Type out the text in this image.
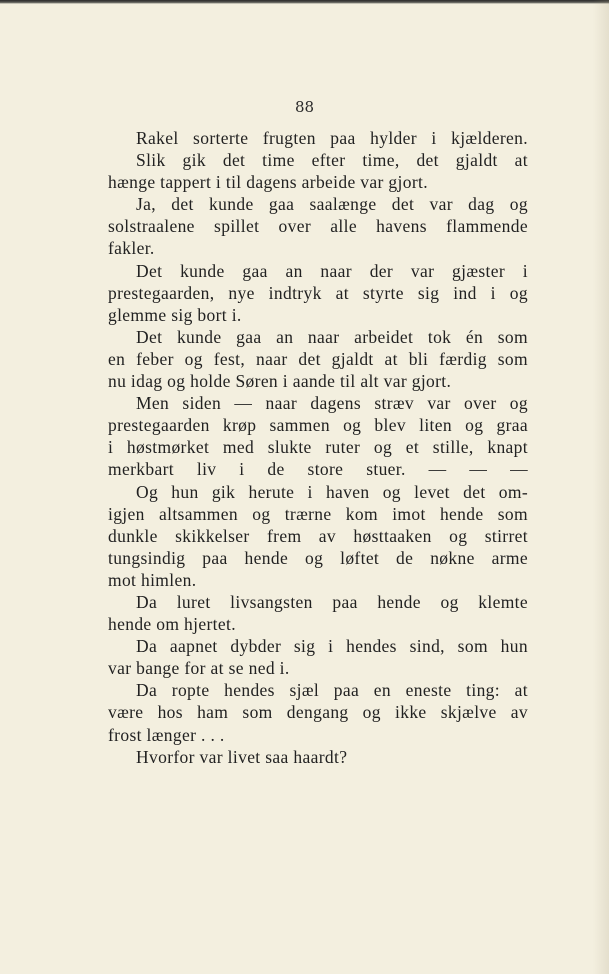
88
Rakel sorterte frugten paa hylder i kjælderen.
Slik gik det time efter time, det gjaldt at
hænge tappert i til dagens arbeide var gjort.
Ja, det kunde gaa saalænge det var dag og
solstraalene spillet over alle havens flammende
fakler.
Det kunde gaa an naar der var gjæster i
prestegaarden, nye indtryk at styrte sig ind i og
glemme sig bort i.
Det kunde gaa an naar arbeidet tok én som
en feber og fest, naar det gjaldt at bli færdig som
nu idag og holde Søren i aande til alt var gjort.
Men siden — naar dagens stræv var over og
prestegaarden krøp sammen og blev liten og graa
i høstmørket med slukte ruter og et stille, knapt
merkbart liv i de store stuer. — — —
Og hun gik herute i haven og levet det om-
igjen altsammen og trærne kom imot hende som
dunkle skikkelser frem av høsttaaken og stirret
tungsindig paa hende og løftet de nøkne arme
mot himlen.
Da luret livsangsten paa hende og klemte
hende om hjertet.
Da aapnet dybder sig i hendes sind, som hun
var bange for at se ned i.
Da ropte hendes sjæl paa en eneste ting: at
være hos ham som dengang og ikke skjælve av
frost længer . . .
Hvorfor var livet saa haardt?
